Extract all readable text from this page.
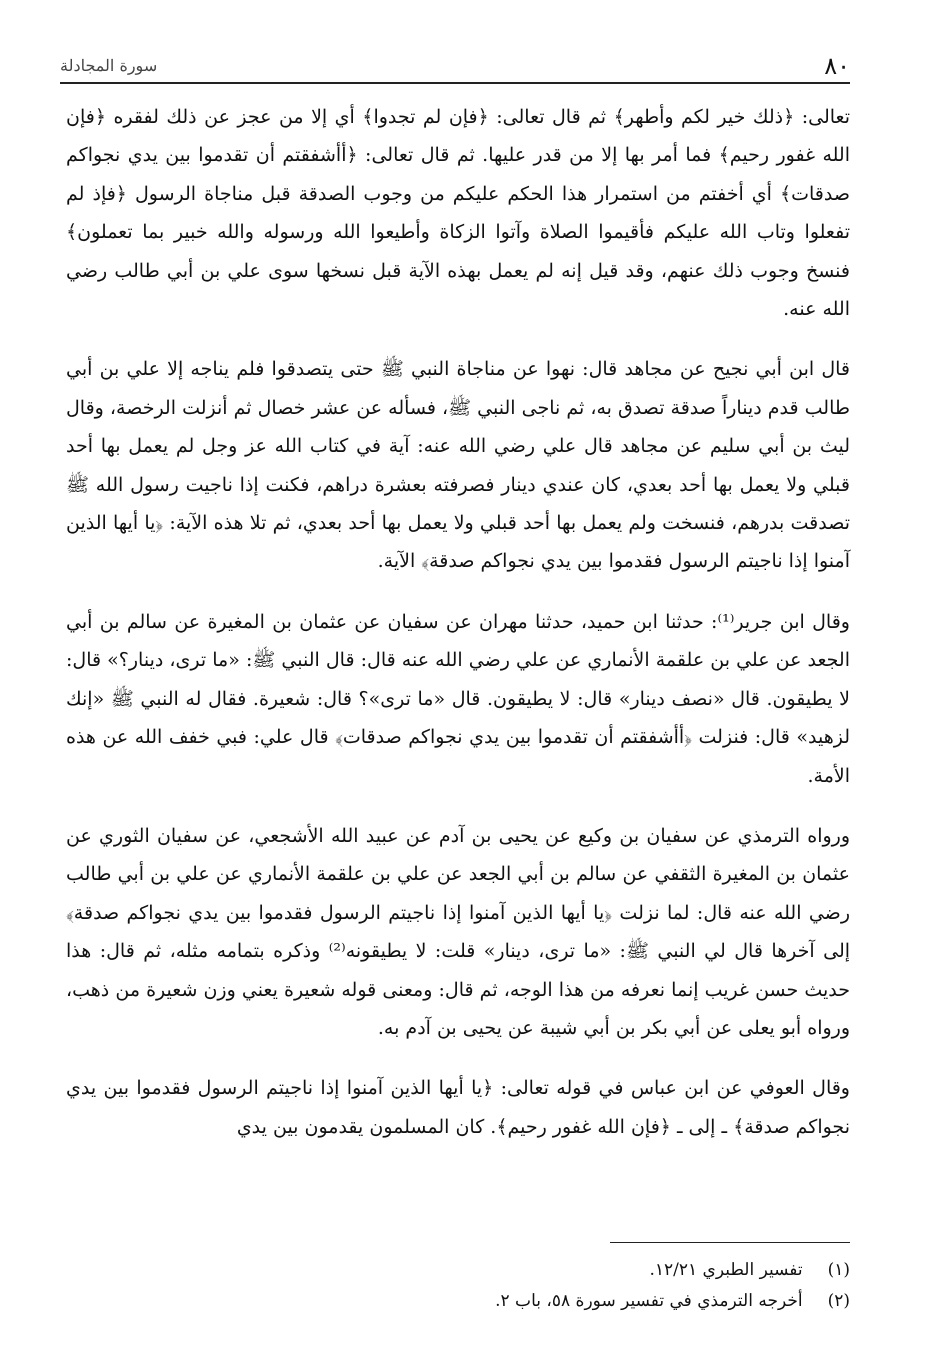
٨٠
سورة المجادلة

تعالى: ﴿ذلك خير لكم وأطهر﴾ ثم قال تعالى: ﴿فإن لم تجدوا﴾ أي إلا من عجز عن ذلك لفقره ﴿فإن الله غفور رحيم﴾ فما أمر بها إلا من قدر عليها. ثم قال تعالى: ﴿أأشفقتم أن تقدموا بين يدي نجواكم صدقات﴾ أي أخفتم من استمرار هذا الحكم عليكم من وجوب الصدقة قبل مناجاة الرسول ﴿فإذ لم تفعلوا وتاب الله عليكم فأقيموا الصلاة وآتوا الزكاة وأطيعوا الله ورسوله والله خبير بما تعملون﴾ فنسخ وجوب ذلك عنهم، وقد قيل إنه لم يعمل بهذه الآية قبل نسخها سوى علي بن أبي طالب رضي الله عنه.

قال ابن أبي نجيح عن مجاهد قال: نهوا عن مناجاة النبي ﷺ حتى يتصدقوا فلم يناجه إلا علي بن أبي طالب قدم ديناراً صدقة تصدق به، ثم ناجى النبي ﷺ، فسأله عن عشر خصال ثم أنزلت الرخصة، وقال ليث بن أبي سليم عن مجاهد قال علي رضي الله عنه: آية في كتاب الله عز وجل لم يعمل بها أحد قبلي ولا يعمل بها أحد بعدي، كان عندي دينار فصرفته بعشرة دراهم، فكنت إذا ناجيت رسول الله ﷺ تصدقت بدرهم، فنسخت ولم يعمل بها أحد قبلي ولا يعمل بها أحد بعدي، ثم تلا هذه الآية: ﴿يا أيها الذين آمنوا إذا ناجيتم الرسول فقدموا بين يدي نجواكم صدقة﴾ الآية.

وقال ابن جرير⁽¹⁾: حدثنا ابن حميد، حدثنا مهران عن سفيان عن عثمان بن المغيرة عن سالم بن أبي الجعد عن علي بن علقمة الأنماري عن علي رضي الله عنه قال: قال النبي ﷺ: «ما ترى، دينار؟» قال: لا يطيقون. قال «نصف دينار» قال: لا يطيقون. قال «ما ترى»؟ قال: شعيرة. فقال له النبي ﷺ «إنك لزهيد» قال: فنزلت ﴿أأشفقتم أن تقدموا بين يدي نجواكم صدقات﴾ قال علي: فبي خفف الله عن هذه الأمة.

ورواه الترمذي عن سفيان بن وكيع عن يحيى بن آدم عن عبيد الله الأشجعي، عن سفيان الثوري عن عثمان بن المغيرة الثقفي عن سالم بن أبي الجعد عن علي بن علقمة الأنماري عن علي بن أبي طالب رضي الله عنه قال: لما نزلت ﴿يا أيها الذين آمنوا إذا ناجيتم الرسول فقدموا بين يدي نجواكم صدقة﴾ إلى آخرها قال لي النبي ﷺ: «ما ترى، دينار» قلت: لا يطيقونه⁽²⁾ وذكره بتمامه مثله، ثم قال: هذا حديث حسن غريب إنما نعرفه من هذا الوجه، ثم قال: ومعنى قوله شعيرة يعني وزن شعيرة من ذهب، ورواه أبو يعلى عن أبي بكر بن أبي شيبة عن يحيى بن آدم به.

وقال العوفي عن ابن عباس في قوله تعالى: ﴿يا أيها الذين آمنوا إذا ناجيتم الرسول فقدموا بين يدي نجواكم صدقة﴾ ـ إلى ـ ﴿فإن الله غفور رحيم﴾. كان المسلمون يقدمون بين يدي

(١) تفسير الطبري ١٢/٢١.

(٢) أخرجه الترمذي في تفسير سورة ٥٨، باب ٢.
